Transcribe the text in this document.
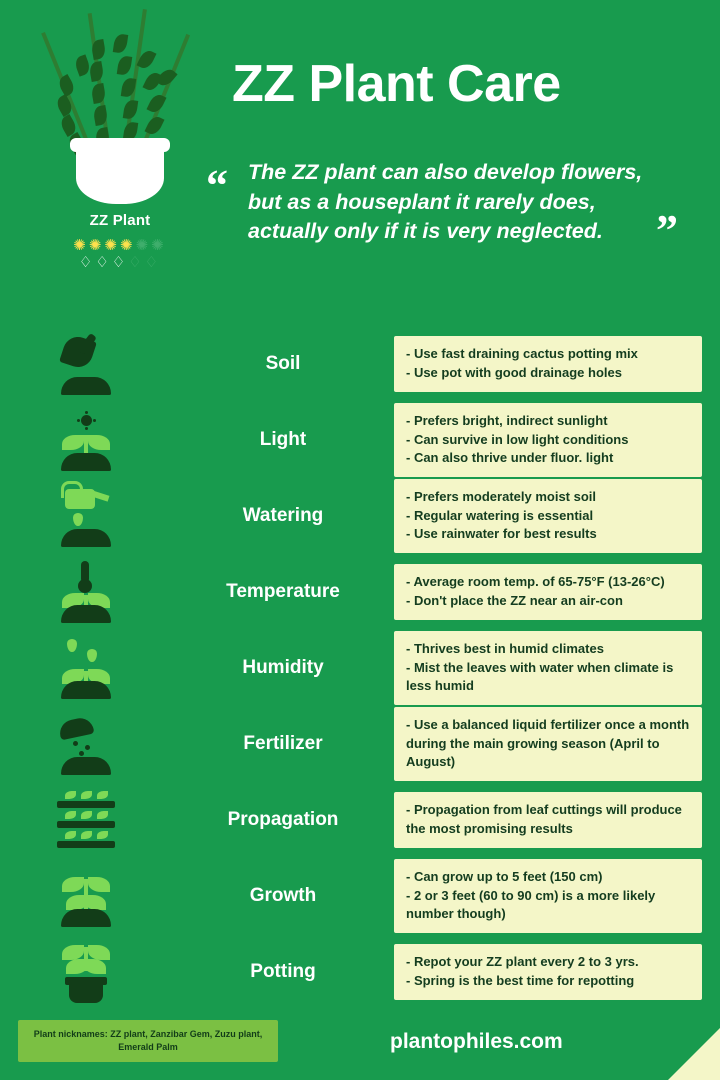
ZZ Plant
✺✺✺✺✺✺
♢♢♢♢♢
ZZ Plant Care
“ The ZZ plant can also develop flowers, but as a houseplant it rarely does, actually only if it is very neglected.	”
Soil	- Use fast draining cactus potting mix
- Use pot with good drainage holes
Light
- Prefers bright, indirect sunlight
- Can survive in low light conditions
- Can also thrive under fluor. light
Watering
- Prefers moderately moist soil
- Regular watering is essential
- Use rainwater for best results
Temperature	- Average room temp. of 65-75°F (13-26°C)
- Don't place the ZZ near an air-con
Humidity
- Thrives best in humid climates
- Mist the leaves with water when climate is less humid
Fertilizer
- Use a balanced liquid fertilizer once a month during the main growing season (April to August)
Propagation	- Propagation from leaf cuttings will produce the most promising results
Growth
- Can grow up to 5 feet (150 cm)
- 2 or 3 feet (60 to 90 cm) is a more likely number though)
Potting	- Repot your ZZ plant every 2 to 3 yrs.
- Spring is the best time for repotting
Plant nicknames: ZZ plant, Zanzibar Gem, Zuzu plant, Emerald Palm	plantophiles.com
